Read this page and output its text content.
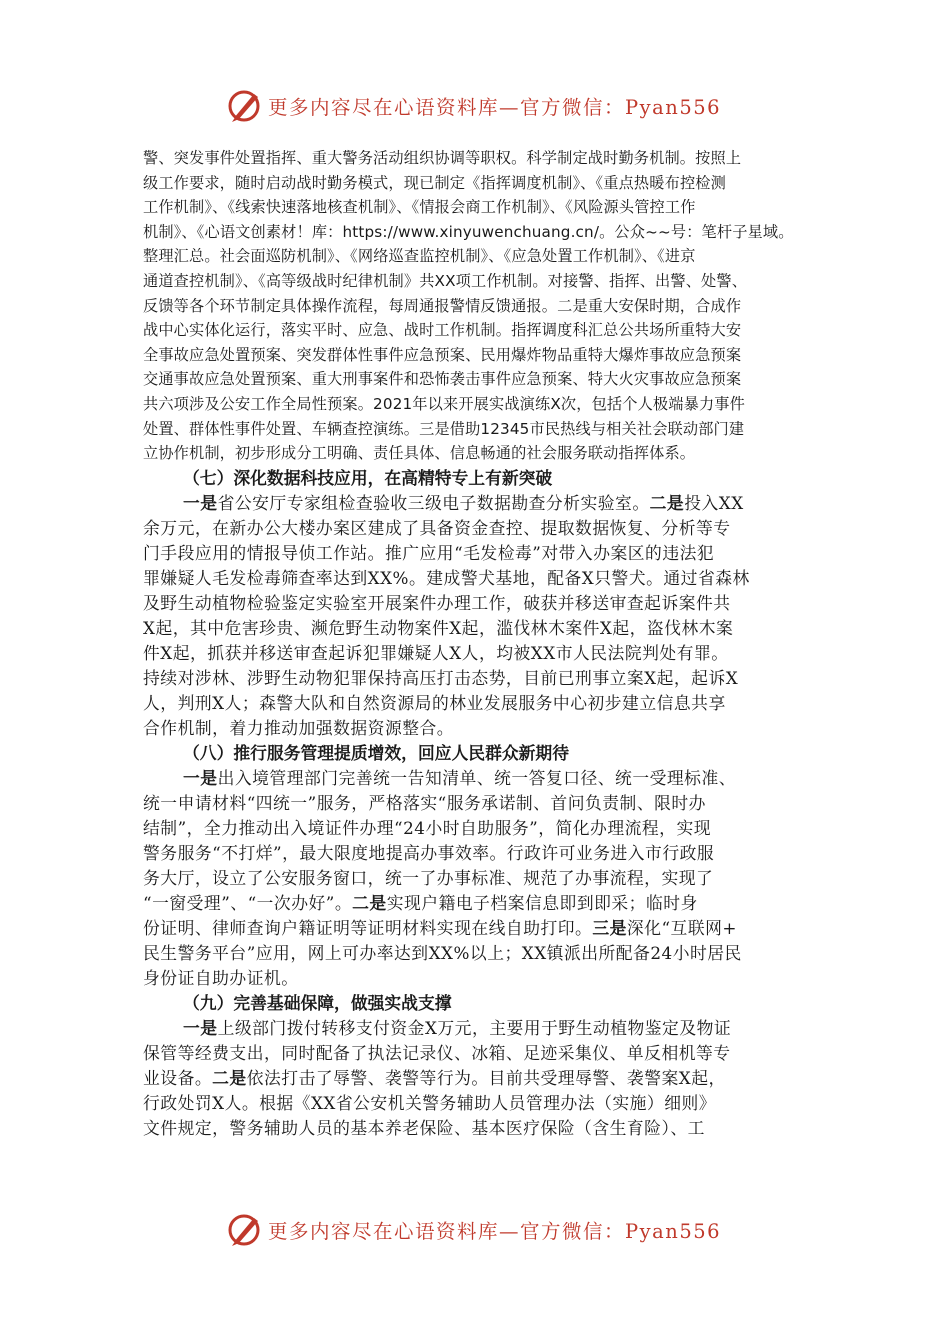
更多内容尽在心语资料库—官方微信：Pyan556
警、突发事件处置指挥、重大警务活动组织协调等职权。科学制定战时勤务机制。按照上
级工作要求，随时启动战时勤务模式，现已制定《指挥调度机制》、《重点热暖布控检测
工作机制》、《线索快速落地核查机制》、《情报会商工作机制》、《风险源头管控工作
机制》、《心语文创素材！库：https://www.xinyuwenchuang.cn/。公众~~号：笔杆子星域。
整理汇总。社会面巡防机制》、《网络巡查监控机制》、《应急处置工作机制》、《进京
通道查控机制》、《高等级战时纪律机制》共XX项工作机制。对接警、指挥、出警、处警、
反馈等各个环节制定具体操作流程，每周通报警情反馈通报。二是重大安保时期，合成作
战中心实体化运行，落实平时、应急、战时工作机制。指挥调度科汇总公共场所重特大安
全事故应急处置预案、突发群体性事件应急预案、民用爆炸物品重特大爆炸事故应急预案
交通事故应急处置预案、重大刑事案件和恐怖袭击事件应急预案、特大火灾事故应急预案
共六项涉及公安工作全局性预案。2021年以来开展实战演练X次，包括个人极端暴力事件
处置、群体性事件处置、车辆查控演练。三是借助12345市民热线与相关社会联动部门建
立协作机制，初步形成分工明确、责任具体、信息畅通的社会服务联动指挥体系。
（七）深化数据科技应用，在高精特专上有新突破
一是省公安厅专家组检查验收三级电子数据勘查分析实验室。二是投入XX
余万元，在新办公大楼办案区建成了具备资金查控、提取数据恢复、分析等专
门手段应用的情报导侦工作站。推广应用“毛发检毒”对带入办案区的违法犯
罪嫌疑人毛发检毒筛查率达到XX%。建成警犬基地，配备X只警犬。通过省森林
及野生动植物检验鉴定实验室开展案件办理工作，破获并移送审查起诉案件共
X起，其中危害珍贵、濒危野生动物案件X起，滥伐林木案件X起，盗伐林木案
件X起，抓获并移送审查起诉犯罪嫌疑人X人，均被XX市人民法院判处有罪。
持续对涉林、涉野生动物犯罪保持高压打击态势，目前已刑事立案X起，起诉X
人，判刑X人；森警大队和自然资源局的林业发展服务中心初步建立信息共享
合作机制，着力推动加强数据资源整合。
（八）推行服务管理提质增效，回应人民群众新期待
一是出入境管理部门完善统一告知清单、统一答复口径、统一受理标准、
统一申请材料“四统一”服务，严格落实“服务承诺制、首问负责制、限时办
结制”，全力推动出入境证件办理“24小时自助服务”，简化办理流程，实现
警务服务“不打烊”，最大限度地提高办事效率。行政许可业务进入市行政服
务大厅，设立了公安服务窗口，统一了办事标准、规范了办事流程，实现了
“一窗受理”、“一次办好”。二是实现户籍电子档案信息即到即采；临时身
份证明、律师查询户籍证明等证明材料实现在线自助打印。三是深化“互联网+
民生警务平台”应用，网上可办率达到XX%以上；XX镇派出所配备24小时居民
身份证自助办证机。
（九）完善基础保障，做强实战支撑
一是上级部门拨付转移支付资金X万元，主要用于野生动植物鉴定及物证
保管等经费支出，同时配备了执法记录仪、冰箱、足迹采集仪、单反相机等专
业设备。二是依法打击了辱警、袭警等行为。目前共受理辱警、袭警案X起，
行政处罚X人。根据《XX省公安机关警务辅助人员管理办法（实施）细则》
文件规定，警务辅助人员的基本养老保险、基本医疗保险（含生育险）、工
更多内容尽在心语资料库—官方微信：Pyan556
